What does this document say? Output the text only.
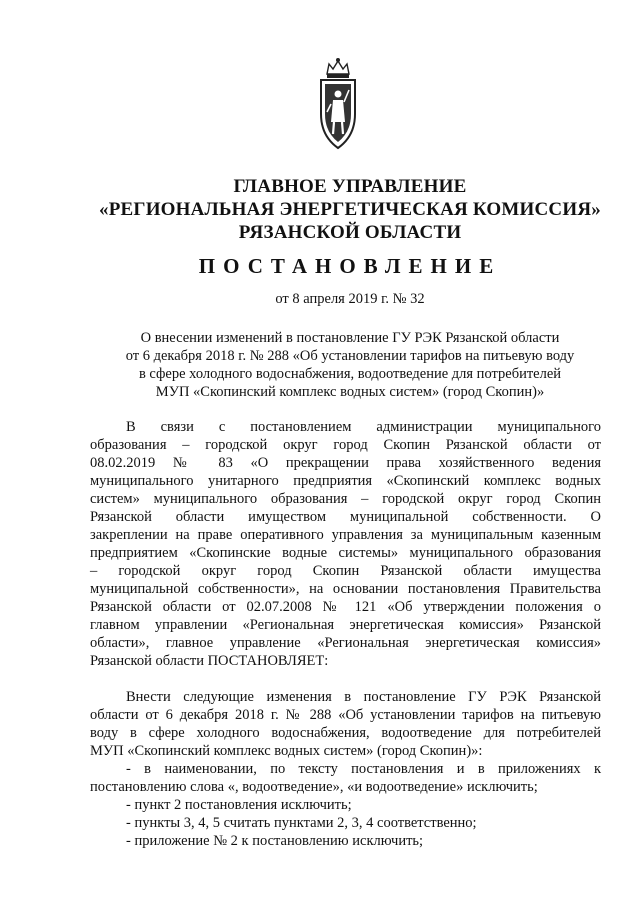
ГЛАВНОЕ УПРАВЛЕНИЕ
«РЕГИОНАЛЬНАЯ ЭНЕРГЕТИЧЕСКАЯ КОМИССИЯ»
РЯЗАНСКОЙ ОБЛАСТИ
ПОСТАНОВЛЕНИЕ
от 8 апреля 2019 г. № 32
О внесении изменений в постановление ГУ РЭК Рязанской области
от 6 декабря 2018 г. № 288 «Об установлении тарифов на питьевую воду
в сфере холодного водоснабжения, водоотведение для потребителей
МУП «Скопинский комплекс водных систем» (город Скопин)»
В связи с постановлением администрации муниципального
образования – городской округ город Скопин Рязанской области от
08.02.2019 № 83 «О прекращении права хозяйственного ведения
муниципального унитарного предприятия «Скопинский комплекс водных
систем» муниципального образования – городской округ город Скопин
Рязанской области имуществом муниципальной собственности. О
закреплении на праве оперативного управления за муниципальным казенным
предприятием «Скопинские водные системы» муниципального образования
– городской округ город Скопин Рязанской области имущества
муниципальной собственности», на основании постановления Правительства
Рязанской области от 02.07.2008 № 121 «Об утверждении положения о
главном управлении «Региональная энергетическая комиссия» Рязанской
области», главное управление «Региональная энергетическая комиссия»
Рязанской области ПОСТАНОВЛЯЕТ:
Внести следующие изменения в постановление ГУ РЭК Рязанской
области от 6 декабря 2018 г. № 288 «Об установлении тарифов на питьевую
воду в сфере холодного водоснабжения, водоотведение для потребителей
МУП «Скопинский комплекс водных систем» (город Скопин)»:
- в наименовании, по тексту постановления и в приложениях к
постановлению слова «, водоотведение», «и водоотведение» исключить;
- пункт 2 постановления исключить;
- пункты 3, 4, 5 считать пунктами 2, 3, 4 соответственно;
- приложение № 2 к постановлению исключить;
